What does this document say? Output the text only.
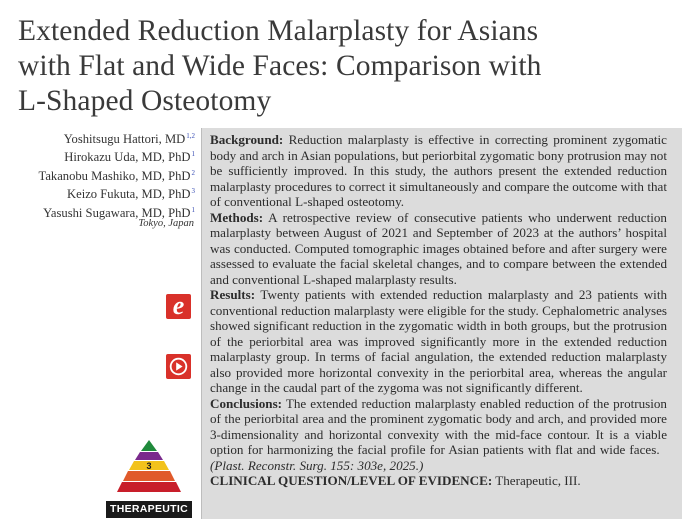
Extended Reduction Malarplasty for Asians
with Flat and Wide Faces: Comparison with
L-Shaped Osteotomy
Yoshitsugu Hattori, MD$^{1,2}$
Hirokazu Uda, MD, PhD$^1$
Takanobu Mashiko, MD, PhD$^2$
Keizo Fukuta, MD, PhD$^3$
Yasushi Sugawara, MD, PhD$^1$
Tokyo, Japan
e
3
THERAPEUTIC

Background: Reduction malarplasty is effective in correcting prominent zygomatic body and arch in Asian populations, but periorbital zygomatic bony protrusion may not be sufficiently improved. In this study, the authors present the extended reduction malarplasty procedures to correct it simultaneously and compare the outcome with that of conventional L-shaped osteotomy.

Methods: A retrospective review of consecutive patients who underwent reduction malarplasty between August of 2021 and September of 2023 at the authors’ hospital was conducted. Computed tomographic images obtained before and after surgery were assessed to evaluate the facial skeletal changes, and to compare between the extended and conventional L-shaped malarplasty results.

Results: Twenty patients with extended reduction malarplasty and 23 patients with conventional reduction malarplasty were eligible for the study. Cephalometric analyses showed significant reduction in the zygomatic width in both groups, but the protrusion of the periorbital area was improved significantly more in the extended reduction malarplasty group. In terms of facial angulation, the extended reduction malarplasty also provided more horizontal convexity in the periorbital area, whereas the angular change in the caudal part of the zygoma was not significantly different.

Conclusions: The extended reduction malarplasty enabled reduction of the protrusion of the periorbital area and the prominent zygomatic body and arch, and provided more 3-dimensionality and horizontal convexity with the mid-face contour. It is a viable option for harmonizing the facial profile for Asian patients with flat and wide faces.   (Plast. Reconstr. Surg. 155: 303e, 2025.)

CLINICAL QUESTION/LEVEL OF EVIDENCE: Therapeutic, III.
